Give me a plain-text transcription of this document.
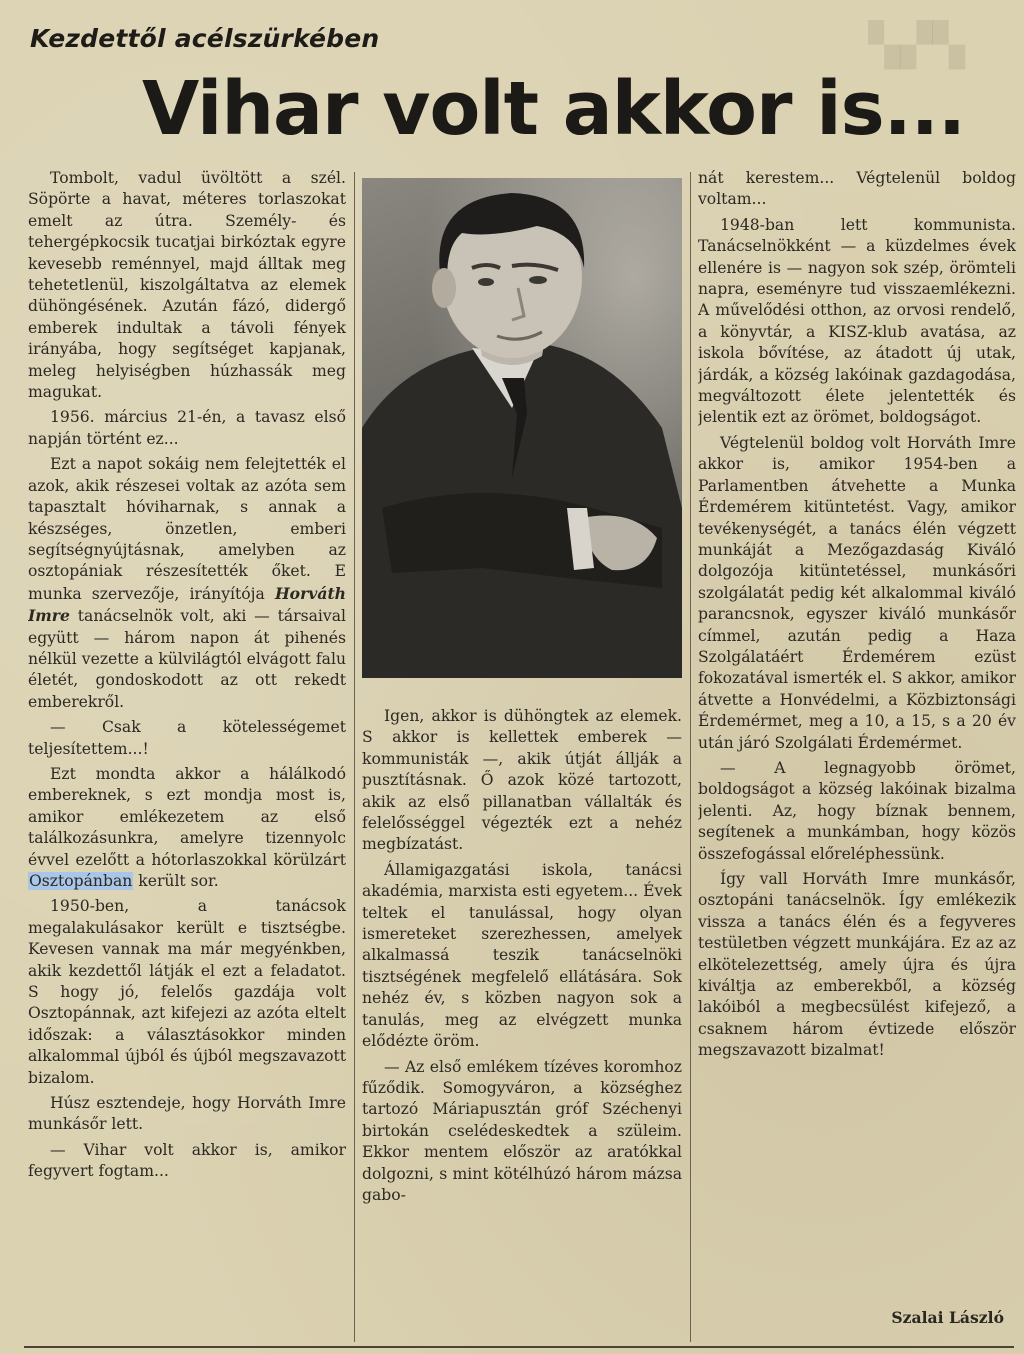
▚▞▚
Kezdettől acélszürkében
Vihar volt akkor is...

Tombolt, vadul üvöltött a szél. Söpörte a havat, méteres torlaszokat emelt az útra. Személy- és tehergépkocsik tucatjai birkóztak egyre kevesebb reménnyel, majd álltak meg tehetetlenül, kiszolgáltatva az elemek dühöngésének. Azután fázó, didergő emberek indultak a távoli fények irányába, hogy segítséget kapjanak, meleg helyiségben húzhassák meg magukat.

1956. március 21-én, a tavasz első napján történt ez...

Ezt a napot sokáig nem felejtették el azok, akik részesei voltak az azóta sem tapasztalt hóviharnak, s annak a készséges, önzetlen, emberi segítségnyújtásnak, amelyben az osztopániak részesítették őket. E munka szervezője, irányítója Horváth Imre tanácselnök volt, aki — társaival együtt — három napon át pihenés nélkül vezette a külvilágtól elvágott falu életét, gondoskodott az ott rekedt emberekről.

— Csak a kötelességemet teljesítettem...!

Ezt mondta akkor a hálálkodó embereknek, s ezt mondja most is, amikor emlékezetem az első találkozásunkra, amelyre tizennyolc évvel ezelőtt a hótorlaszokkal körülzárt Osztopánban került sor.

1950-ben, a tanácsok megalakulásakor került e tisztségbe. Kevesen vannak ma már megyénkben, akik kezdettől látják el ezt a feladatot. S hogy jó, felelős gazdája volt Osztopánnak, azt kifejezi az azóta eltelt időszak: a választásokkor minden alkalommal újból és újból megszavazott bizalom.

Húsz esztendeje, hogy Horváth Imre munkásőr lett.

— Vihar volt akkor is, amikor fegyvert fogtam...

Igen, akkor is dühöngtek az elemek. S akkor is kellettek emberek — kommunisták —, akik útját állják a pusztításnak. Ő azok közé tartozott, akik az első pillanatban vállalták és felelősséggel végezték ezt a nehéz megbízatást.

Államigazgatási iskola, tanácsi akadémia, marxista esti egyetem... Évek teltek el tanulással, hogy olyan ismereteket szerezhessen, amelyek alkalmassá teszik tanácselnöki tisztségének megfelelő ellátására. Sok nehéz év, s közben nagyon sok a tanulás, meg az elvégzett munka elődézte öröm.

— Az első emlékem tízéves koromhoz fűződik. Somogyváron, a községhez tartozó Máriapusztán gróf Széchenyi birtokán cselédeskedtek a szüleim. Ekkor mentem először az aratókkal dolgozni, s mint kötélhúzó három mázsa gabo-

nát kerestem... Végtelenül boldog voltam...

1948-ban lett kommunista. Tanácselnökként — a küzdelmes évek ellenére is — nagyon sok szép, örömteli napra, eseményre tud visszaemlékezni. A művelődési otthon, az orvosi rendelő, a könyvtár, a KISZ-klub avatása, az iskola bővítése, az átadott új utak, járdák, a község lakóinak gazdagodása, megváltozott élete jelentették és jelentik ezt az örömet, boldogságot.

Végtelenül boldog volt Horváth Imre akkor is, amikor 1954-ben a Parlamentben átvehette a Munka Érdemérem kitüntetést. Vagy, amikor tevékenységét, a tanács élén végzett munkáját a Mezőgazdaság Kiváló dolgozója kitüntetéssel, munkásőri szolgálatát pedig két alkalommal kiváló parancsnok, egyszer kiváló munkásőr címmel, azután pedig a Haza Szolgálatáért Érdemérem ezüst fokozatával ismerték el. S akkor, amikor átvette a Honvédelmi, a Közbiztonsági Érdemérmet, meg a 10, a 15, s a 20 év után járó Szolgálati Érdemérmet.

— A legnagyobb örömet, boldogságot a község lakóinak bizalma jelenti. Az, hogy bíznak bennem, segítenek a munkámban, hogy közös összefogással előreléphessünk.

Így vall Horváth Imre munkásőr, osztopáni tanácselnök. Így emlékezik vissza a tanács élén és a fegyveres testületben végzett munkájára. Ez az az elkötelezettség, amely újra és újra kiváltja az emberekből, a község lakóiból a megbecsülést kifejező, a csaknem három évtizede először megszavazott bizalmat!

Szalai László
